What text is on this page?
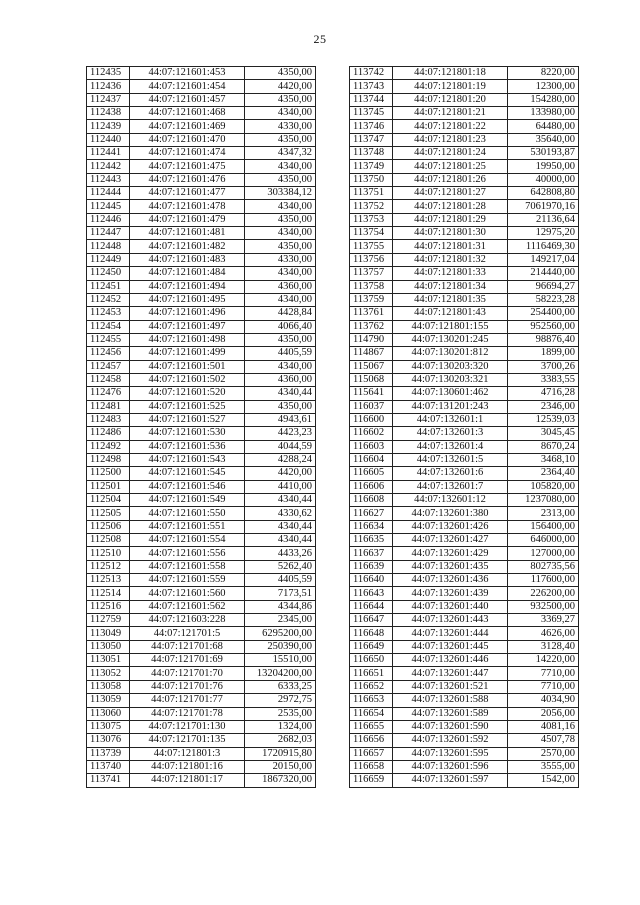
25
112435	44:07:121601:453	4350,00
112436	44:07:121601:454	4420,00
112437	44:07:121601:457	4350,00
112438	44:07:121601:468	4340,00
112439	44:07:121601:469	4330,00
112440	44:07:121601:470	4350,00
112441	44:07:121601:474	4347,32
112442	44:07:121601:475	4340,00
112443	44:07:121601:476	4350,00
112444	44:07:121601:477	303384,12
112445	44:07:121601:478	4340,00
112446	44:07:121601:479	4350,00
112447	44:07:121601:481	4340,00
112448	44:07:121601:482	4350,00
112449	44:07:121601:483	4330,00
112450	44:07:121601:484	4340,00
112451	44:07:121601:494	4360,00
112452	44:07:121601:495	4340,00
112453	44:07:121601:496	4428,84
112454	44:07:121601:497	4066,40
112455	44:07:121601:498	4350,00
112456	44:07:121601:499	4405,59
112457	44:07:121601:501	4340,00
112458	44:07:121601:502	4360,00
112476	44:07:121601:520	4340,44
112481	44:07:121601:525	4350,00
112483	44:07:121601:527	4943,61
112486	44:07:121601:530	4423,23
112492	44:07:121601:536	4044,59
112498	44:07:121601:543	4288,24
112500	44:07:121601:545	4420,00
112501	44:07:121601:546	4410,00
112504	44:07:121601:549	4340,44
112505	44:07:121601:550	4330,62
112506	44:07:121601:551	4340,44
112508	44:07:121601:554	4340,44
112510	44:07:121601:556	4433,26
112512	44:07:121601:558	5262,40
112513	44:07:121601:559	4405,59
112514	44:07:121601:560	7173,51
112516	44:07:121601:562	4344,86
112759	44:07:121603:228	2345,00
113049	44:07:121701:5	6295200,00
113050	44:07:121701:68	250390,00
113051	44:07:121701:69	15510,00
113052	44:07:121701:70	13204200,00
113058	44:07:121701:76	6333,25
113059	44:07:121701:77	2972,75
113060	44:07:121701:78	2535,00
113075	44:07:121701:130	1324,00
113076	44:07:121701:135	2682,03
113739	44:07:121801:3	1720915,80
113740	44:07:121801:16	20150,00
113741	44:07:121801:17	1867320,00
113742	44:07:121801:18	8220,00
113743	44:07:121801:19	12300,00
113744	44:07:121801:20	154280,00
113745	44:07:121801:21	133980,00
113746	44:07:121801:22	64480,00
113747	44:07:121801:23	35640,00
113748	44:07:121801:24	530193,87
113749	44:07:121801:25	19950,00
113750	44:07:121801:26	40000,00
113751	44:07:121801:27	642808,80
113752	44:07:121801:28	7061970,16
113753	44:07:121801:29	21136,64
113754	44:07:121801:30	12975,20
113755	44:07:121801:31	1116469,30
113756	44:07:121801:32	149217,04
113757	44:07:121801:33	214440,00
113758	44:07:121801:34	96694,27
113759	44:07:121801:35	58223,28
113761	44:07:121801:43	254400,00
113762	44:07:121801:155	952560,00
114790	44:07:130201:245	98876,40
114867	44:07:130201:812	1899,00
115067	44:07:130203:320	3700,26
115068	44:07:130203:321	3383,55
115641	44:07:130601:462	4716,28
116037	44:07:131201:243	2346,00
116600	44:07:132601:1	12539,03
116602	44:07:132601:3	3045,45
116603	44:07:132601:4	8670,24
116604	44:07:132601:5	3468,10
116605	44:07:132601:6	2364,40
116606	44:07:132601:7	105820,00
116608	44:07:132601:12	1237080,00
116627	44:07:132601:380	2313,00
116634	44:07:132601:426	156400,00
116635	44:07:132601:427	646000,00
116637	44:07:132601:429	127000,00
116639	44:07:132601:435	802735,56
116640	44:07:132601:436	117600,00
116643	44:07:132601:439	226200,00
116644	44:07:132601:440	932500,00
116647	44:07:132601:443	3369,27
116648	44:07:132601:444	4626,00
116649	44:07:132601:445	3128,40
116650	44:07:132601:446	14220,00
116651	44:07:132601:447	7710,00
116652	44:07:132601:521	7710,00
116653	44:07:132601:588	4034,90
116654	44:07:132601:589	2056,00
116655	44:07:132601:590	4081,16
116656	44:07:132601:592	4507,78
116657	44:07:132601:595	2570,00
116658	44:07:132601:596	3555,00
116659	44:07:132601:597	1542,00
